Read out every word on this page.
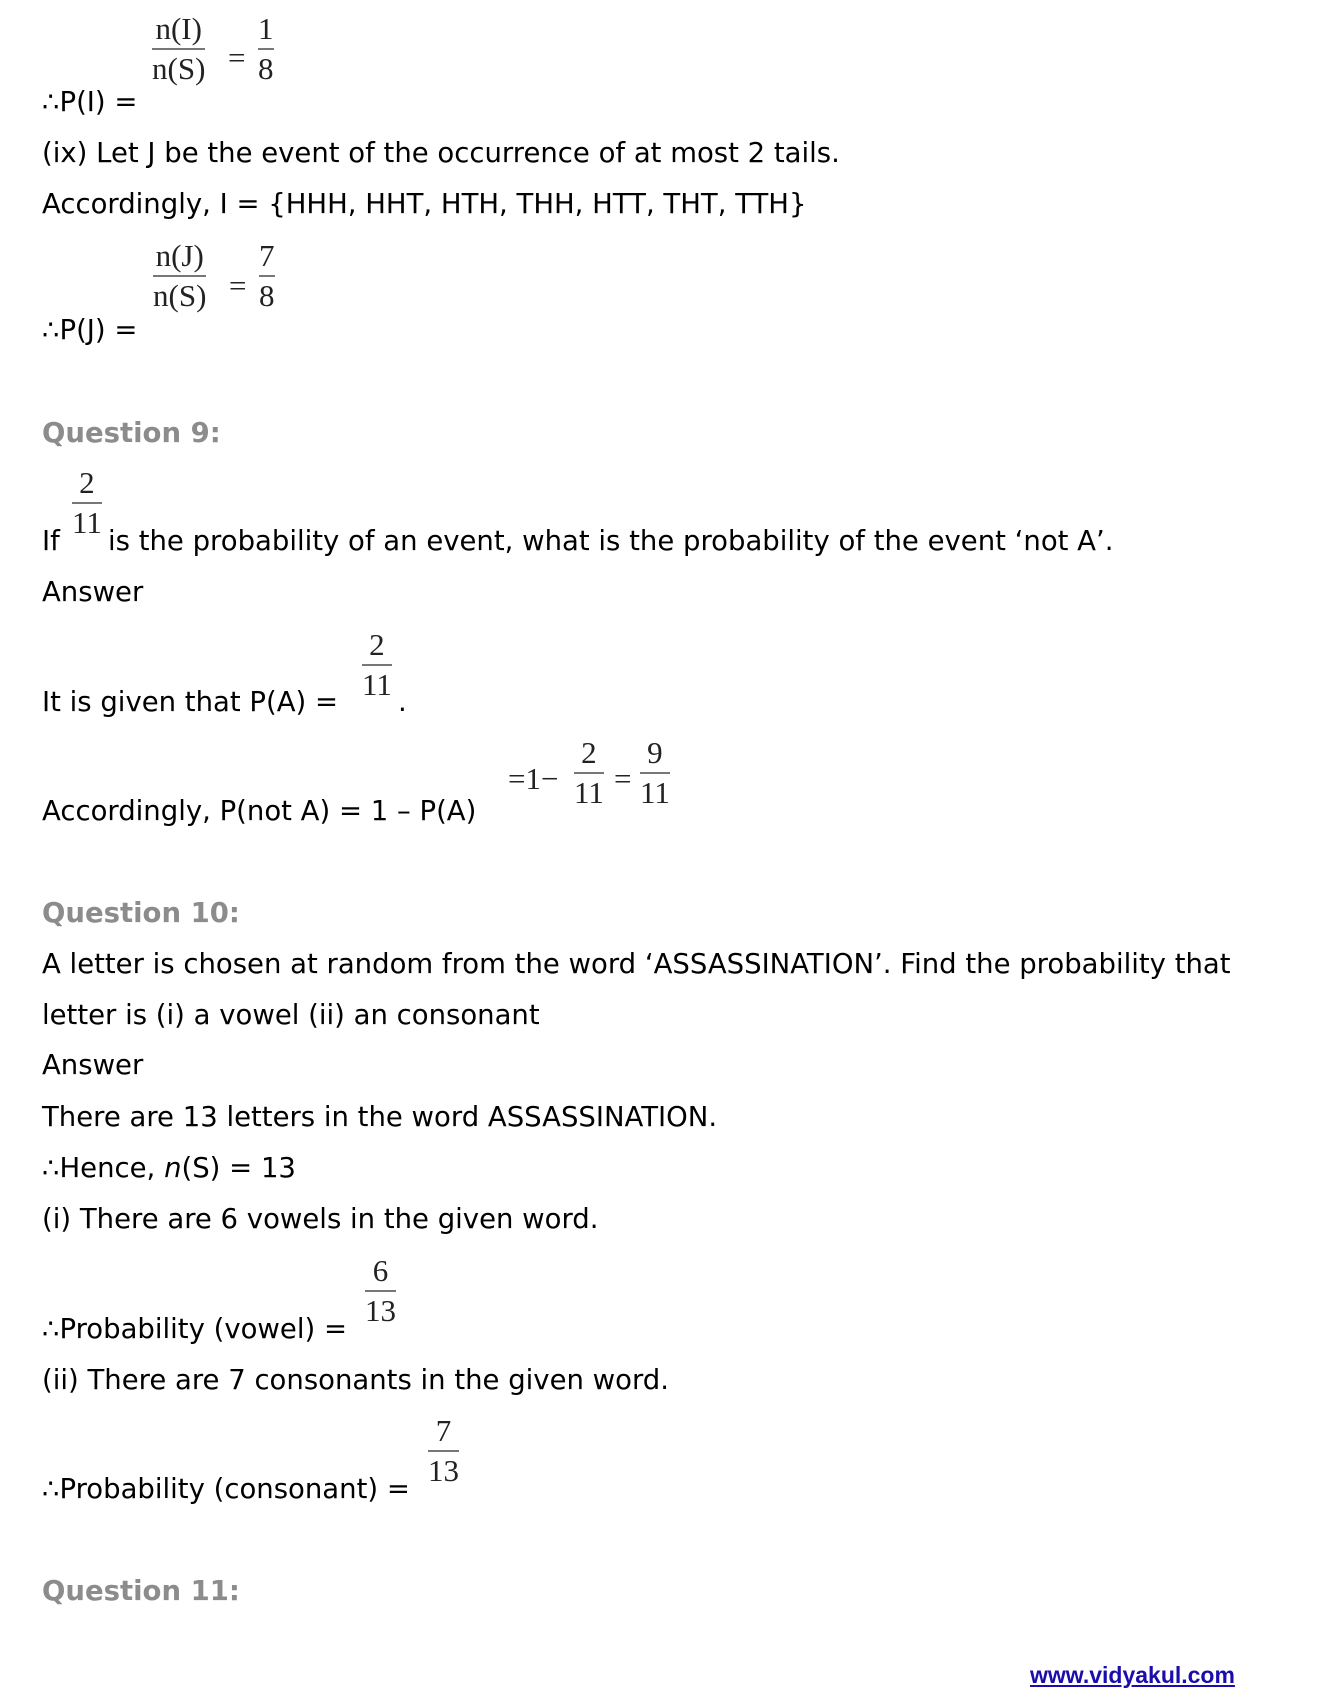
n(I)
n(S) =
1
8
∴P(I) =
(ix) Let J be the event of the occurrence of at most 2 tails.
Accordingly, I = {HHH, HHT, HTH, THH, HTT, THT, TTH}
n(J)
n(S) =
7
8
∴P(J) =
Question 9:
2
11
If is the probability of an event, what is the probability of the event ‘not A’.
Answer
2
11
It is given that P(A) = .
=1−
2
11 =
9
11
Accordingly, P(not A) = 1 – P(A)
Question 10:
A letter is chosen at random from the word ‘ASSASSINATION’. Find the probability that
letter is (i) a vowel (ii) an consonant
Answer
There are 13 letters in the word ASSASSINATION.
∴Hence, n(S) = 13
(i) There are 6 vowels in the given word.
6
13
∴Probability (vowel) =
(ii) There are 7 consonants in the given word.
7
13
∴Probability (consonant) =
Question 11:
www.vidyakul.com
